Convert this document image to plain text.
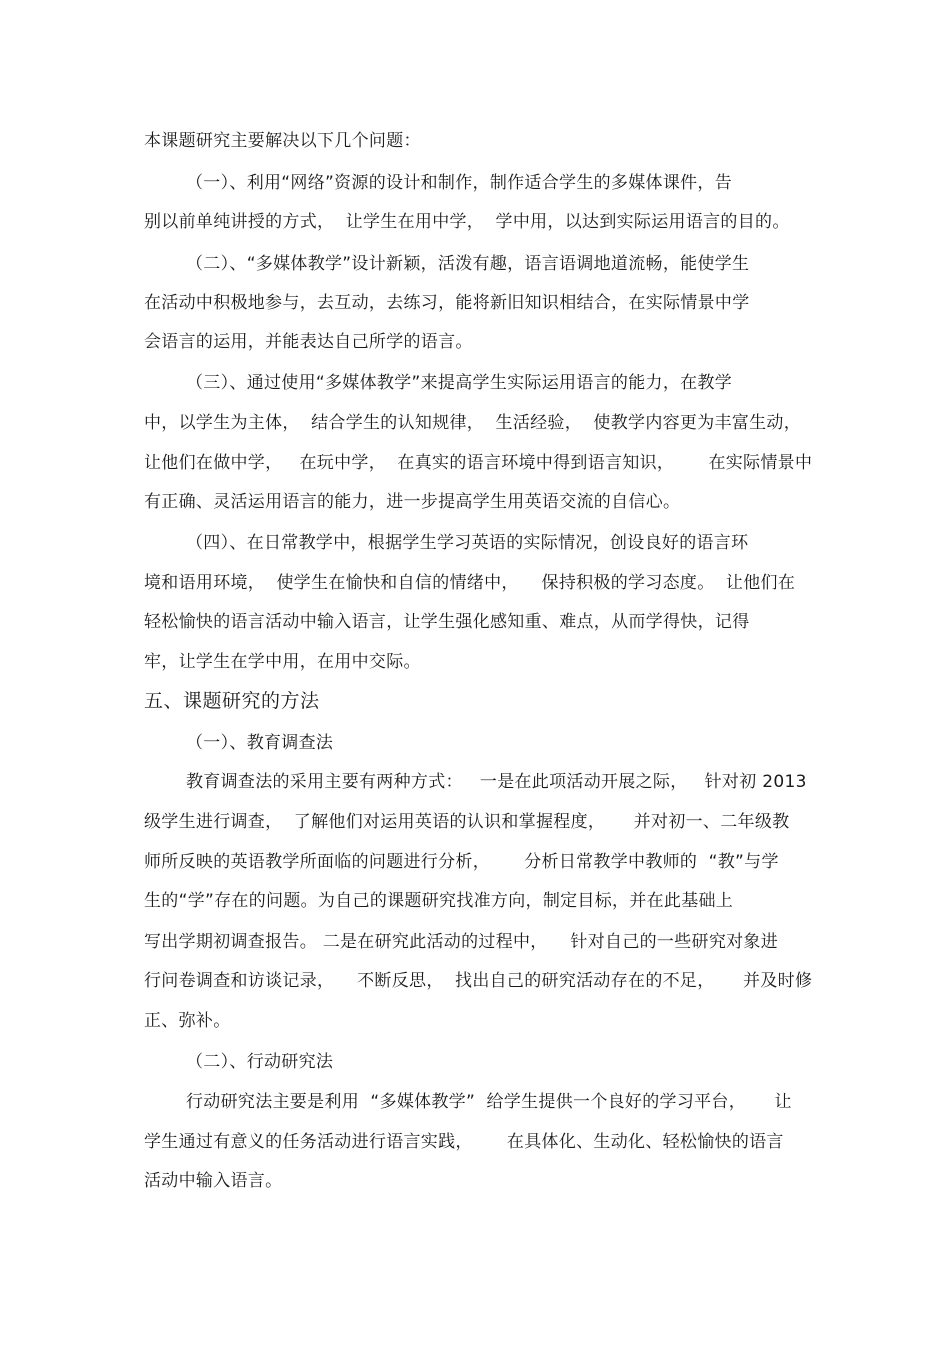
本课题研究主要解决以下几个问题：
（一）、利用“网络”资源的设计和制作，制作适合学生的多媒体课件，告
别以前单纯讲授的方式，  让学生在用中学，  学中用，以达到实际运用语言的目的。
（二）、“多媒体教学”设计新颖，活泼有趣，语言语调地道流畅，能使学生
在活动中积极地参与，去互动，去练习，能将新旧知识相结合，在实际情景中学
会语言的运用，并能表达自己所学的语言。
（三）、通过使用“多媒体教学”来提高学生实际运用语言的能力，在教学
中，以学生为主体，  结合学生的认知规律，  生活经验，  使教学内容更为丰富生动，
让他们在做中学，   在玩中学，  在真实的语言环境中得到语言知识，      在实际情景中
有正确、灵活运用语言的能力，进一步提高学生用英语交流的自信心。
（四）、在日常教学中，根据学生学习英语的实际情况，创设良好的语言环
境和语用环境，  使学生在愉快和自信的情绪中，    保持积极的学习态度。  让他们在
轻松愉快的语言活动中输入语言，让学生强化感知重、难点，从而学得快，记得
牢，让学生在学中用，在用中交际。
五、课题研究的方法
（一）、教育调查法
教育调查法的采用主要有两种方式：   一是在此项活动开展之际，   针对初 2013
级学生进行调查，  了解他们对运用英语的认识和掌握程度，     并对初一、二年级教
师所反映的英语教学所面临的问题进行分析，      分析日常教学中教师的  “教”与学
生的“学”存在的问题。为自己的课题研究找准方向，制定目标，并在此基础上
写出学期初调查报告。 二是在研究此活动的过程中，    针对自己的一些研究对象进
行问卷调查和访谈记录，    不断反思，  找出自己的研究活动存在的不足，     并及时修
正、弥补。
（二）、行动研究法
行动研究法主要是利用  “多媒体教学”  给学生提供一个良好的学习平台，     让
学生通过有意义的任务活动进行语言实践，      在具体化、生动化、轻松愉快的语言
活动中输入语言。
